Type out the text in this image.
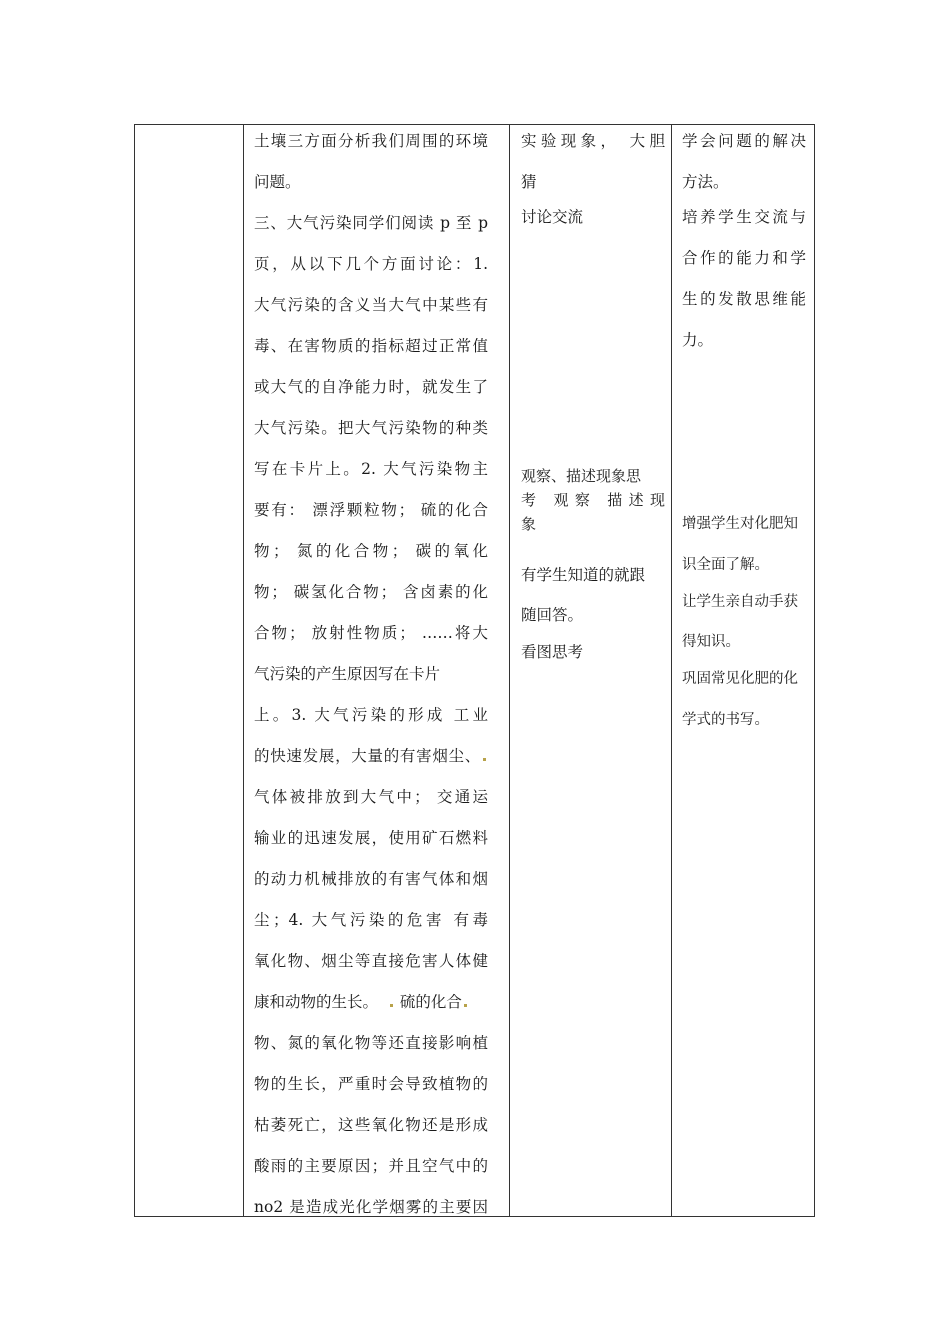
土壤三方面分析我们周围的环境
问题。
三、大气污染同学们阅读 p 至 p
页，从以下几个方面讨论：1.
大气污染的含义当大气中某些有
毒、在害物质的指标超过正常值
或大气的自净能力时，就发生了
大气污染。把大气污染物的种类
写在卡片上。2. 大气污染物主
要有： 漂浮颗粒物； 硫的化合
物； 氮的化合物； 碳的氧化
物； 碳氢化合物； 含卤素的化
合物； 放射性物质； ……将大
气污染的产生原因写在卡片
上。3. 大气污染的形成 工业
的快速发展，大量的有害烟尘、
气体被排放到大气中； 交通运
输业的迅速发展，使用矿石燃料
的动力机械排放的有害气体和烟
尘；4. 大气污染的危害 有毒
氧化物、烟尘等直接危害人体健
康和动物的生长。 硫的化合
物、氮的氧化物等还直接影响植
物的生长，严重时会导致植物的
枯萎死亡，这些氧化物还是形成
酸雨的主要原因；并且空气中的
no2 是造成光化学烟雾的主要因
实验现象， 大胆
猜
讨论交流
观察、描述现象思
考 观察 描述现
象
有学生知道的就跟
随回答。
看图思考
学会问题的解决
方法。
培养学生交流与
合作的能力和学
生的发散思维能
力。
增强学生对化肥知
识全面了解。
让学生亲自动手获
得知识。
巩固常见化肥的化
学式的书写。
